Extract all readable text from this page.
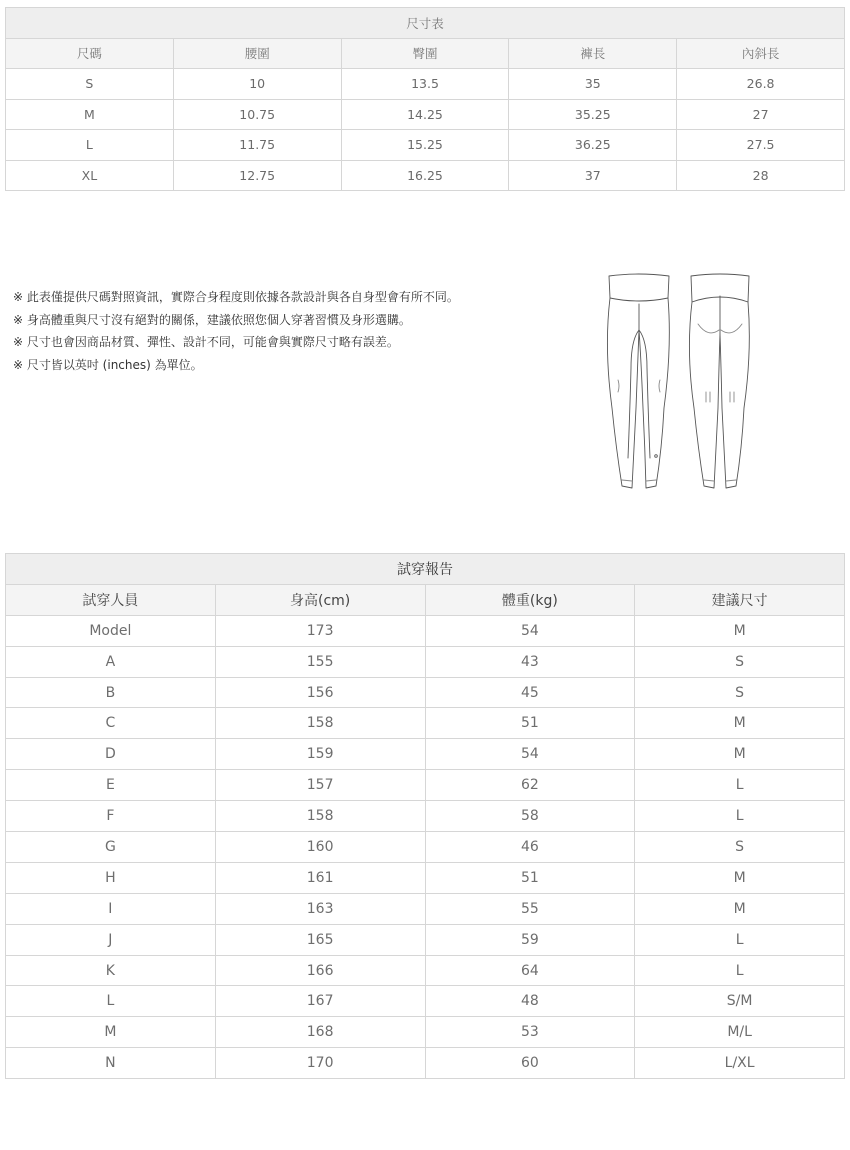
尺寸表				
尺碼	腰圍	臀圍	褲長	內斜長
S	10	13.5	35	26.8
M	10.75	14.25	35.25	27
L	11.75	15.25	36.25	27.5
XL	12.75	16.25	37	28
※ 此表僅提供尺碼對照資訊，實際合身程度則依據各款設計與各自身型會有所不同。
※ 身高體重與尺寸沒有絕對的關係，建議依照您個人穿著習慣及身形選購。
※ 尺寸也會因商品材質、彈性、設計不同，可能會與實際尺寸略有誤差。
※ 尺寸皆以英吋 (inches) 為單位。
試穿報告			
試穿人員	身高(cm)	體重(kg)	建議尺寸
Model	173	54	M
A	155	43	S
B	156	45	S
C	158	51	M
D	159	54	M
E	157	62	L
F	158	58	L
G	160	46	S
H	161	51	M
I	163	55	M
J	165	59	L
K	166	64	L
L	167	48	S/M
M	168	53	M/L
N	170	60	L/XL
